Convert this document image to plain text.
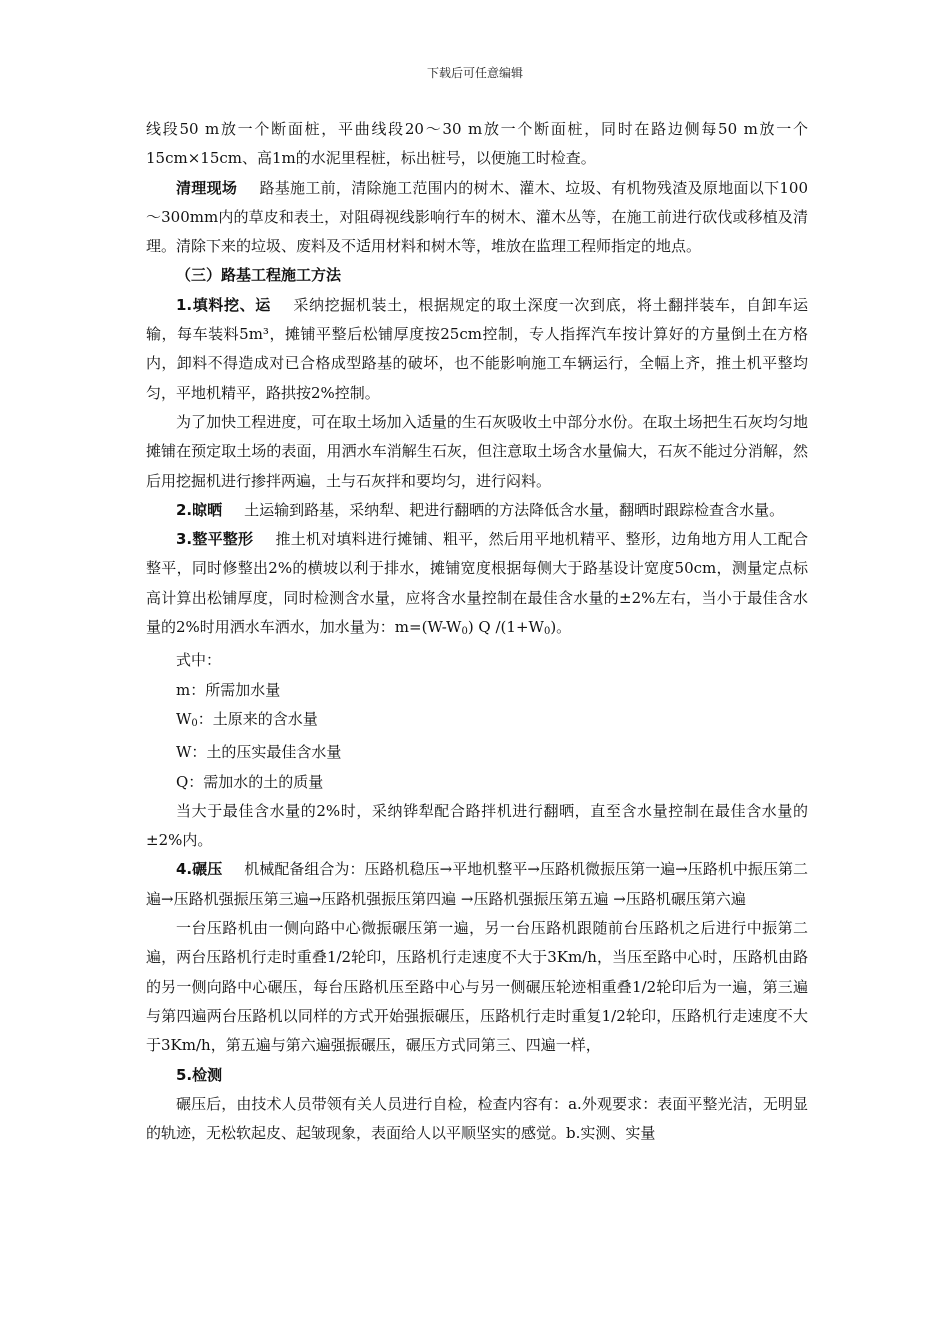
下载后可任意编辑

线段50 m放一个断面桩，平曲线段20～30 m放一个断面桩，同时在路边侧每50 m放一个15cm×15cm、高1m的水泥里程桩，标出桩号，以便施工时检查。

清理现场 路基施工前，清除施工范围内的树木、灌木、垃圾、有机物残渣及原地面以下100～300mm内的草皮和表土，对阻碍视线影响行车的树木、灌木丛等，在施工前进行砍伐或移植及清理。清除下来的垃圾、废料及不适用材料和树木等，堆放在监理工程师指定的地点。

（三）路基工程施工方法

1.填料挖、运 采纳挖掘机装土，根据规定的取土深度一次到底，将土翻拌装车，自卸车运输，每车装料5m³，摊铺平整后松铺厚度按25cm控制，专人指挥汽车按计算好的方量倒土在方格内，卸料不得造成对已合格成型路基的破坏，也不能影响施工车辆运行，全幅上齐，推土机平整均匀，平地机精平，路拱按2%控制。

为了加快工程进度，可在取土场加入适量的生石灰吸收土中部分水份。在取土场把生石灰均匀地摊铺在预定取土场的表面，用洒水车消解生石灰，但注意取土场含水量偏大，石灰不能过分消解，然后用挖掘机进行掺拌两遍，土与石灰拌和要均匀，进行闷料。

2.晾晒 土运输到路基，采纳犁、耙进行翻晒的方法降低含水量，翻晒时跟踪检查含水量。

3.整平整形 推土机对填料进行摊铺、粗平，然后用平地机精平、整形，边角地方用人工配合整平，同时修整出2%的横坡以利于排水，摊铺宽度根据每侧大于路基设计宽度50cm，测量定点标高计算出松铺厚度，同时检测含水量，应将含水量控制在最佳含水量的±2%左右，当小于最佳含水量的2%时用洒水车洒水，加水量为：$m=(W-W_0)$ Q $/(1+W_0)$。

式中：

m：所需加水量

$W_0$：土原来的含水量

W：土的压实最佳含水量

Q：需加水的土的质量

当大于最佳含水量的2%时，采纳铧犁配合路拌机进行翻晒，直至含水量控制在最佳含水量的±2%内。

4.碾压 机械配备组合为：压路机稳压→平地机整平→压路机微振压第一遍→压路机中振压第二遍→压路机强振压第三遍→压路机强振压第四遍 →压路机强振压第五遍 →压路机碾压第六遍

一台压路机由一侧向路中心微振碾压第一遍，另一台压路机跟随前台压路机之后进行中振第二遍，两台压路机行走时重叠1/2轮印，压路机行走速度不大于3Km/h，当压至路中心时，压路机由路的另一侧向路中心碾压，每台压路机压至路中心与另一侧碾压轮迹相重叠1/2轮印后为一遍，第三遍与第四遍两台压路机以同样的方式开始强振碾压，压路机行走时重复1/2轮印，压路机行走速度不大于3Km/h，第五遍与第六遍强振碾压，碾压方式同第三、四遍一样，

5.检测

碾压后，由技术人员带领有关人员进行自检，检查内容有：a.外观要求：表面平整光洁，无明显的轨迹，无松软起皮、起皱现象，表面给人以平顺坚实的感觉。b.实测、实量
